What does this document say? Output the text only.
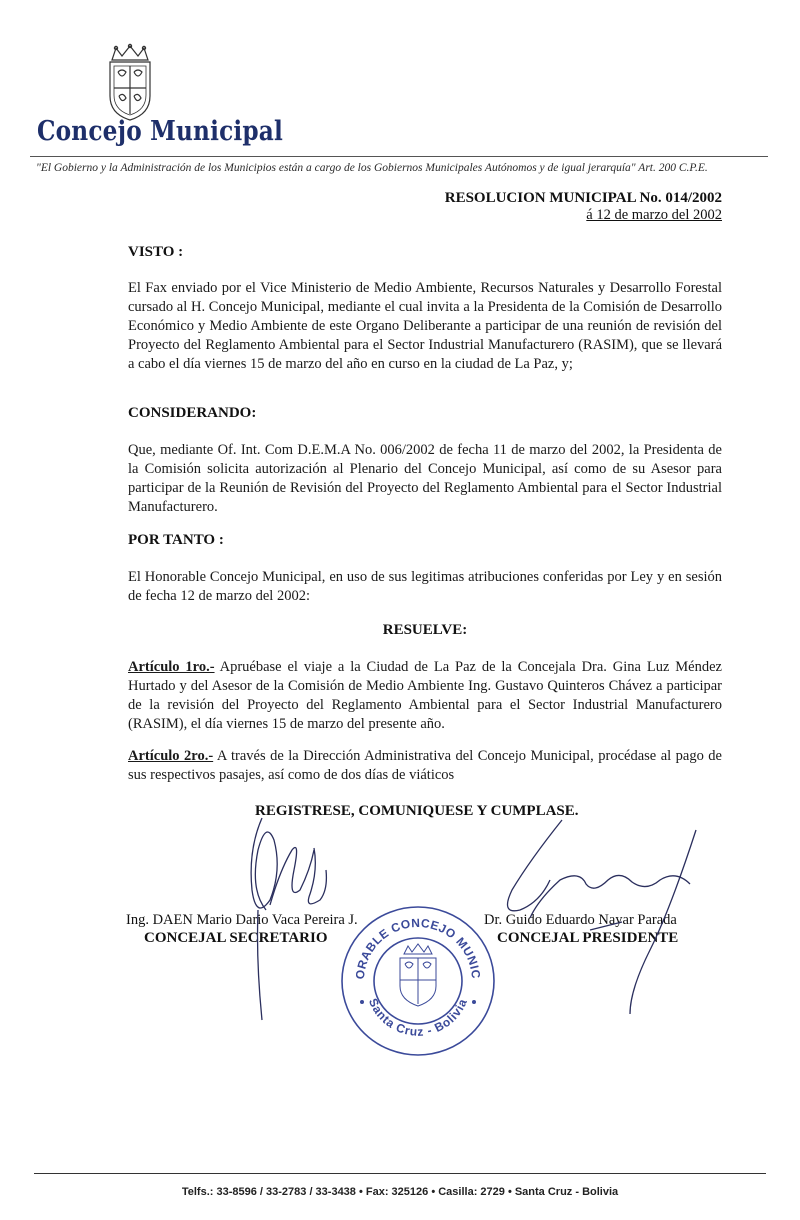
Concejo Municipal
"El Gobierno y la Administración de los Municipios están a cargo de los Gobiernos Municipales Autónomos y de igual jerarquía" Art. 200 C.P.E.
RESOLUCION MUNICIPAL No. 014/2002
á 12 de marzo del 2002
VISTO :
El Fax enviado por el Vice Ministerio de Medio Ambiente, Recursos Naturales y Desarrollo Forestal cursado al H. Concejo Municipal, mediante el cual invita a la Presidenta de la Comisión de Desarrollo Económico y Medio Ambiente de este Organo Deliberante a participar de una reunión de revisión del Proyecto del Reglamento Ambiental para el Sector Industrial Manufacturero (RASIM), que se llevará a cabo el día viernes 15 de marzo del año en curso en la ciudad de La Paz, y;
CONSIDERANDO:
Que, mediante Of. Int. Com D.E.M.A No. 006/2002 de fecha 11 de marzo del 2002, la Presidenta de la Comisión solicita autorización al Plenario del Concejo Municipal, así como de su Asesor para participar de la Reunión de Revisión del Proyecto del Reglamento Ambiental para el Sector Industrial Manufacturero.
POR TANTO :
El Honorable Concejo Municipal, en uso de sus legitimas atribuciones conferidas por Ley y en sesión de fecha 12 de marzo del 2002:
RESUELVE:
Artículo 1ro.- Apruébase el viaje a la Ciudad de La Paz de la Concejala Dra. Gina Luz Méndez Hurtado y del Asesor de la Comisión de Medio Ambiente Ing. Gustavo Quinteros Chávez a participar de la revisión del Proyecto del Reglamento Ambiental para el Sector Industrial Manufacturero (RASIM), el día viernes 15 de marzo del presente año.
Artículo 2ro.- A través de la Dirección Administrativa del Concejo Municipal, procédase al pago de sus respectivos pasajes, así como de dos días de viáticos
REGISTRESE, COMUNIQUESE Y CUMPLASE.
Ing. DAEN Mario Dario Vaca Pereira J.
CONCEJAL SECRETARIO
Dr. Guido Eduardo Nayar Parada
CONCEJAL PRESIDENTE
HONORABLE CONCEJO MUNICIPAL
Santa Cruz - Bolivia
Telfs.: 33-8596 / 33-2783 / 33-3438 • Fax: 325126 • Casilla: 2729 • Santa Cruz - Bolivia
